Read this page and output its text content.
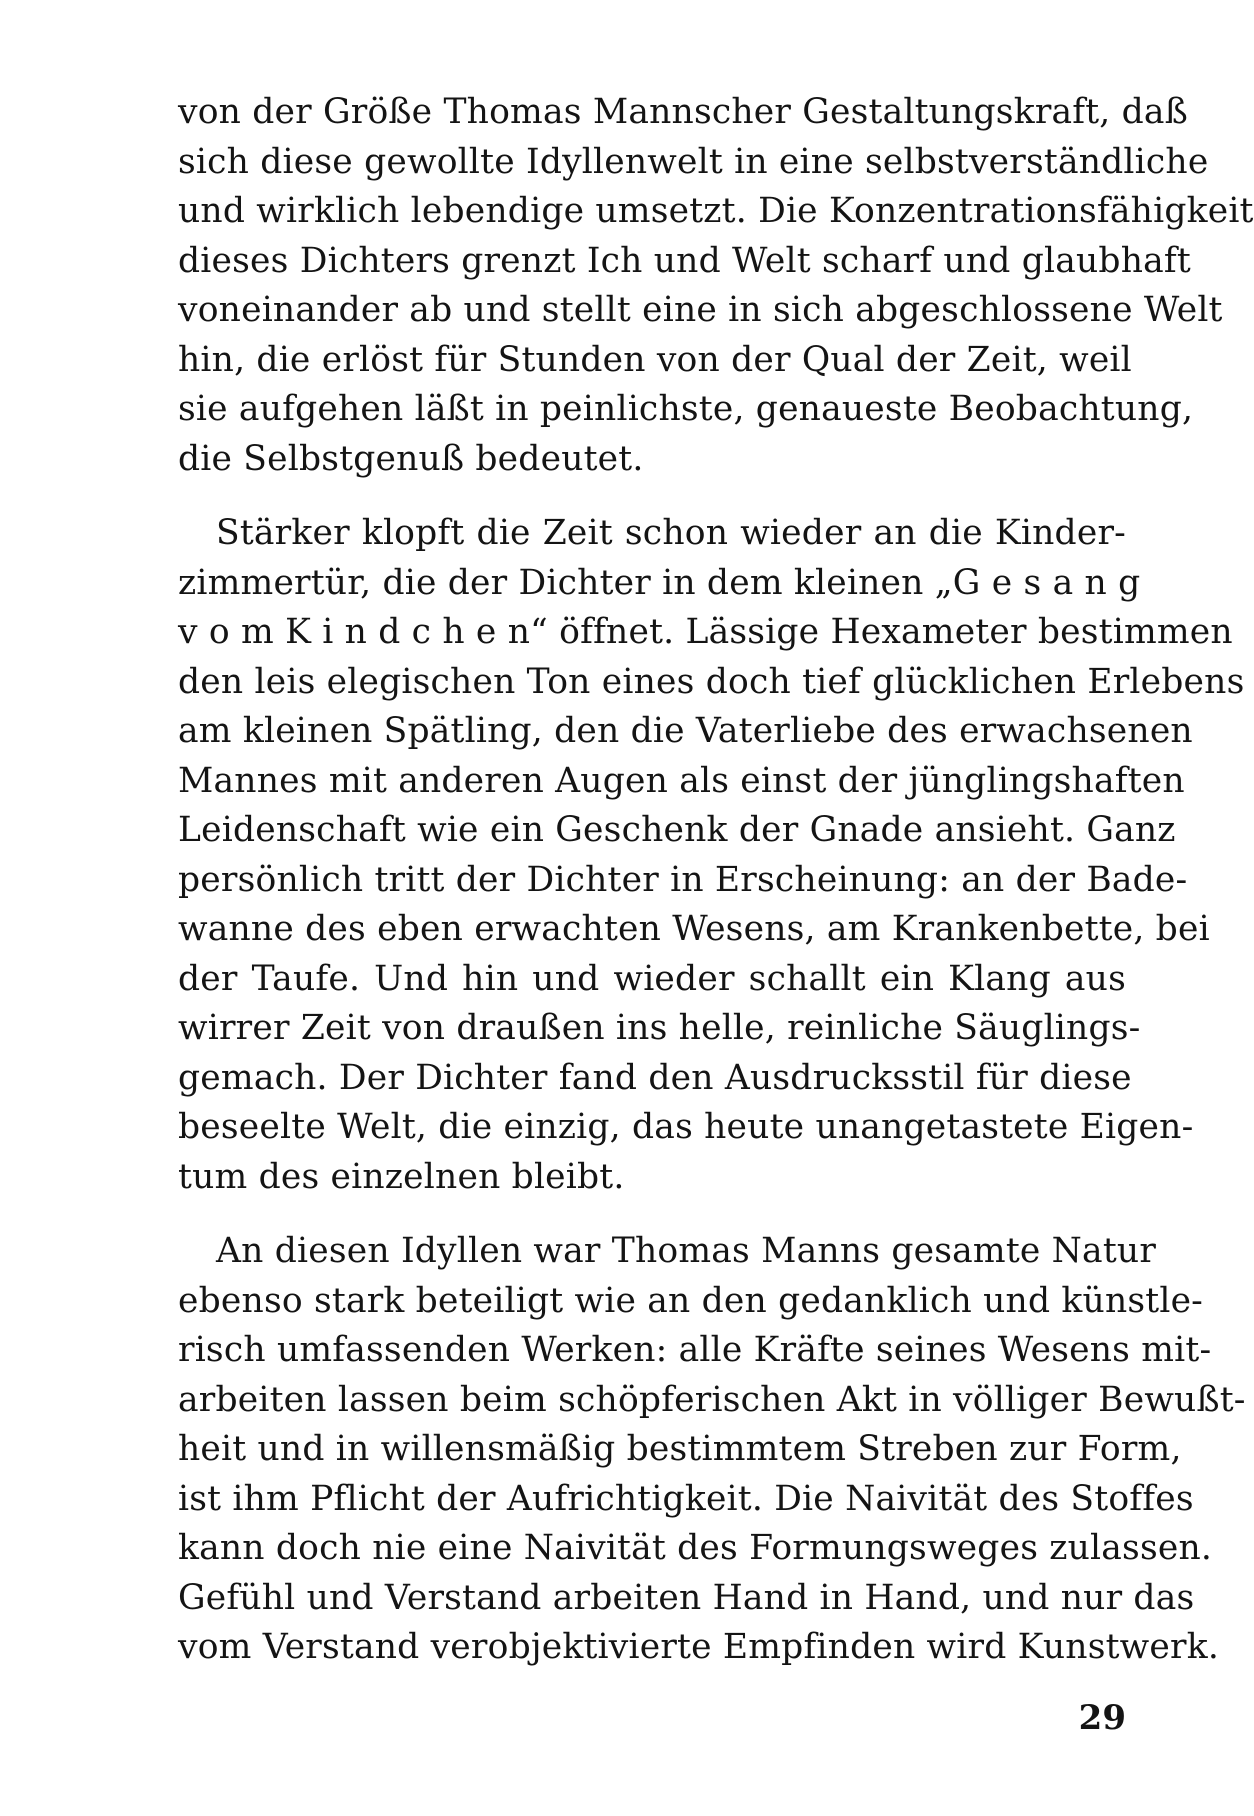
von der Größe Thomas Mannscher Gestaltungskraft, daß
sich diese gewollte Idyllenwelt in eine selbstverständliche
und wirklich lebendige umsetzt. Die Konzentrationsfähigkeit
dieses Dichters grenzt Ich und Welt scharf und glaubhaft
voneinander ab und stellt eine in sich abgeschlossene Welt
hin, die erlöst für Stunden von der Qual der Zeit, weil
sie aufgehen läßt in peinlichste, genaueste Beobachtung,
die Selbstgenuß bedeutet.
Stärker klopft die Zeit schon wieder an die Kinder-
zimmertür, die der Dichter in dem kleinen „G e s a n g
v o m K i n d c h e n“ öffnet. Lässige Hexameter bestimmen
den leis elegischen Ton eines doch tief glücklichen Erlebens
am kleinen Spätling, den die Vaterliebe des erwachsenen
Mannes mit anderen Augen als einst der jünglingshaften
Leidenschaft wie ein Geschenk der Gnade ansieht. Ganz
persönlich tritt der Dichter in Erscheinung: an der Bade-
wanne des eben erwachten Wesens, am Krankenbette, bei
der Taufe. Und hin und wieder schallt ein Klang aus
wirrer Zeit von draußen ins helle, reinliche Säuglings-
gemach. Der Dichter fand den Ausdrucksstil für diese
beseelte Welt, die einzig, das heute unangetastete Eigen-
tum des einzelnen bleibt.
An diesen Idyllen war Thomas Manns gesamte Natur
ebenso stark beteiligt wie an den gedanklich und künstle-
risch umfassenden Werken: alle Kräfte seines Wesens mit-
arbeiten lassen beim schöpferischen Akt in völliger Bewußt-
heit und in willensmäßig bestimmtem Streben zur Form,
ist ihm Pflicht der Aufrichtigkeit. Die Naivität des Stoffes
kann doch nie eine Naivität des Formungsweges zulassen.
Gefühl und Verstand arbeiten Hand in Hand, und nur das
vom Verstand verobjektivierte Empfinden wird Kunstwerk.
29
